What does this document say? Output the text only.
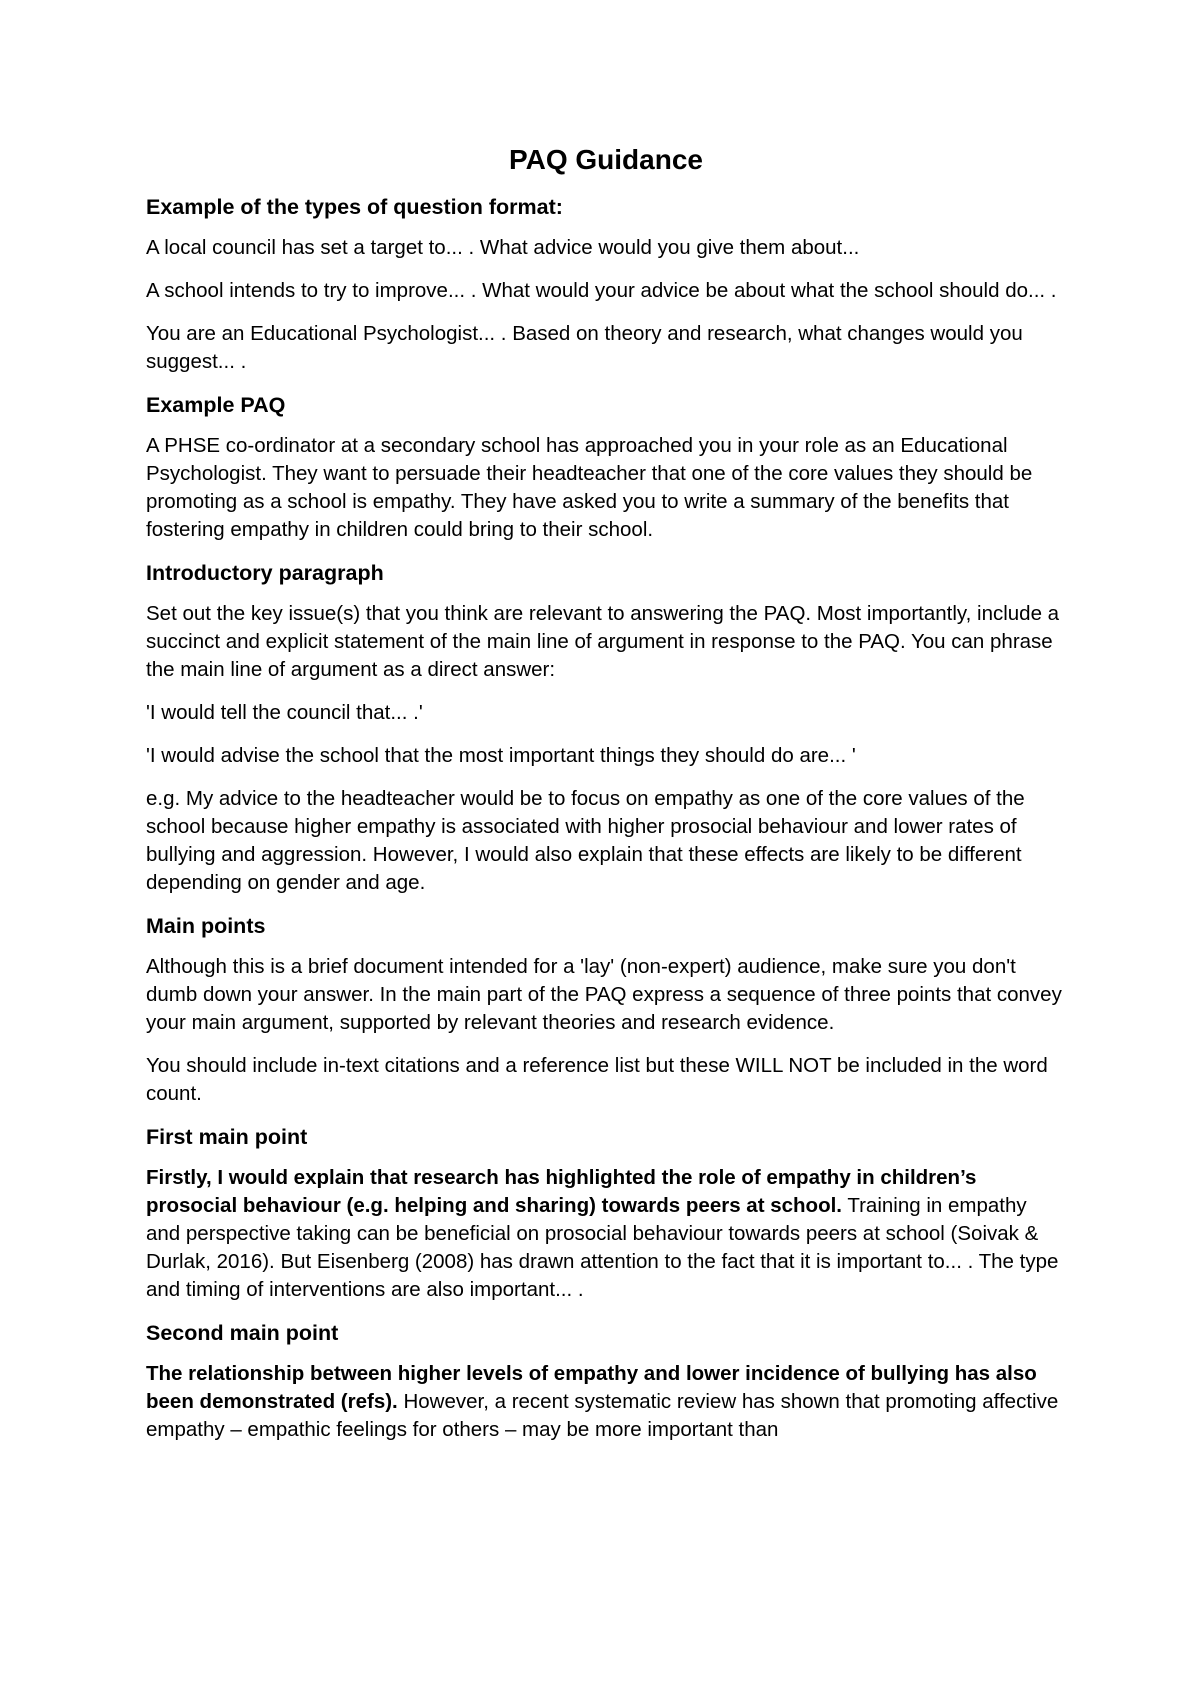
PAQ Guidance
Example of the types of question format:

A local council has set a target to... . What advice would you give them about...

A school intends to try to improve... . What would your advice be about what the school should do... .

You are an Educational Psychologist... . Based on theory and research, what changes would you suggest... .

Example PAQ

A PHSE co-ordinator at a secondary school has approached you in your role as an Educational Psychologist. They want to persuade their headteacher that one of the core values they should be promoting as a school is empathy. They have asked you to write a summary of the benefits that fostering empathy in children could bring to their school.

Introductory paragraph

Set out the key issue(s) that you think are relevant to answering the PAQ. Most importantly, include a succinct and explicit statement of the main line of argument in response to the PAQ. You can phrase the main line of argument as a direct answer:

'I would tell the council that... .'

'I would advise the school that the most important things they should do are... '

e.g. My advice to the headteacher would be to focus on empathy as one of the core values of the school because higher empathy is associated with higher prosocial behaviour and lower rates of bullying and aggression. However, I would also explain that these effects are likely to be different depending on gender and age.

Main points

Although this is a brief document intended for a 'lay' (non-expert) audience, make sure you don't dumb down your answer. In the main part of the PAQ express a sequence of three points that convey your main argument, supported by relevant theories and research evidence.

You should include in-text citations and a reference list but these WILL NOT be included in the word count.

First main point

Firstly, I would explain that research has highlighted the role of empathy in children’s prosocial behaviour (e.g. helping and sharing) towards peers at school. Training in empathy and perspective taking can be beneficial on prosocial behaviour towards peers at school (Soivak & Durlak, 2016). But Eisenberg (2008) has drawn attention to the fact that it is important to... . The type and timing of interventions are also important... .

Second main point

The relationship between higher levels of empathy and lower incidence of bullying has also been demonstrated (refs). However, a recent systematic review has shown that promoting affective empathy – empathic feelings for others – may be more important than
